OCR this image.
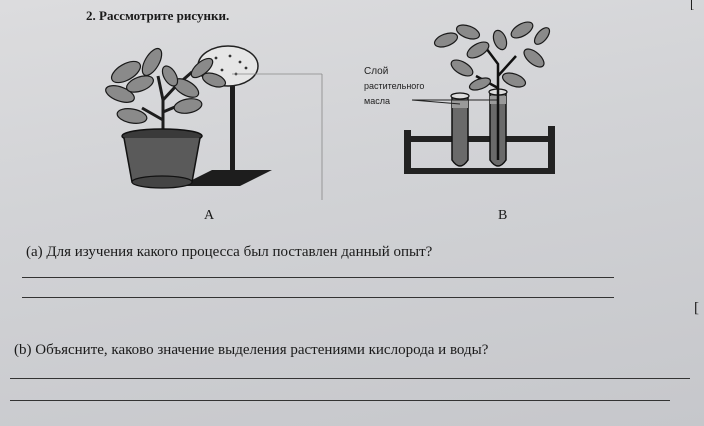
[
2. Рассмотрите рисунки.
Слой
растительного
масла
А	B
(a) Для изучения какого процесса был поставлен данный опыт?
[
(b) Объясните, каково значение выделения растениями кислорода и воды?
